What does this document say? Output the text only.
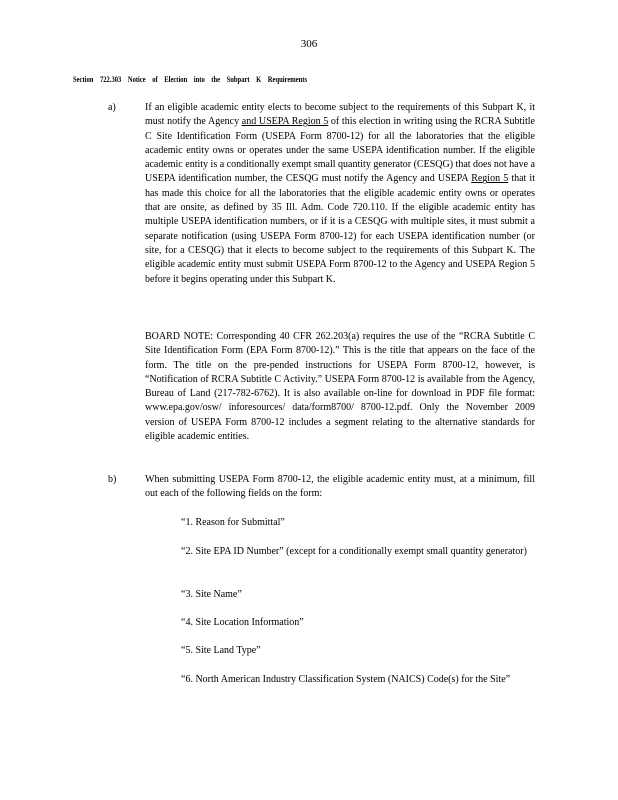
306
Section 722.303 Notice of Election into the Subpart K Requirements
a)	If an eligible academic entity elects to become subject to the requirements of this Subpart K, it must notify the Agency and USEPA Region 5 of this election in writing using the RCRA Subtitle C Site Identification Form (USEPA Form 8700-12) for all the laboratories that the eligible academic entity owns or operates under the same USEPA identification number. If the eligible academic entity is a conditionally exempt small quantity generator (CESQG) that does not have a USEPA identification number, the CESQG must notify the Agency and USEPA Region 5 that it has made this choice for all the laboratories that the eligible academic entity owns or operates that are onsite, as defined by 35 Ill. Adm. Code 720.110. If the eligible academic entity has multiple USEPA identification numbers, or if it is a CESQG with multiple sites, it must submit a separate notification (using USEPA Form 8700-12) for each USEPA identification number (or site, for a CESQG) that it elects to become subject to the requirements of this Subpart K. The eligible academic entity must submit USEPA Form 8700-12 to the Agency and USEPA Region 5 before it begins operating under this Subpart K.
BOARD NOTE: Corresponding 40 CFR 262.203(a) requires the use of the “RCRA Subtitle C Site Identification Form (EPA Form 8700-12).” This is the title that appears on the face of the form. The title on the pre-pended instructions for USEPA Form 8700-12, however, is “Notification of RCRA Subtitle C Activity.” USEPA Form 8700-12 is available from the Agency, Bureau of Land (217-782-6762). It is also available on-line for download in PDF file format: www.epa.gov/osw/ inforesources/ data/form8700/ 8700-12.pdf. Only the November 2009 version of USEPA Form 8700-12 includes a segment relating to the alternative standards for eligible academic entities.
b)	When submitting USEPA Form 8700-12, the eligible academic entity must, at a minimum, fill out each of the following fields on the form:
“1. Reason for Submittal”
“2. Site EPA ID Number” (except for a conditionally exempt small quantity generator)
“3. Site Name”
“4. Site Location Information”
“5. Site Land Type”
“6. North American Industry Classification System (NAICS) Code(s) for the Site”
